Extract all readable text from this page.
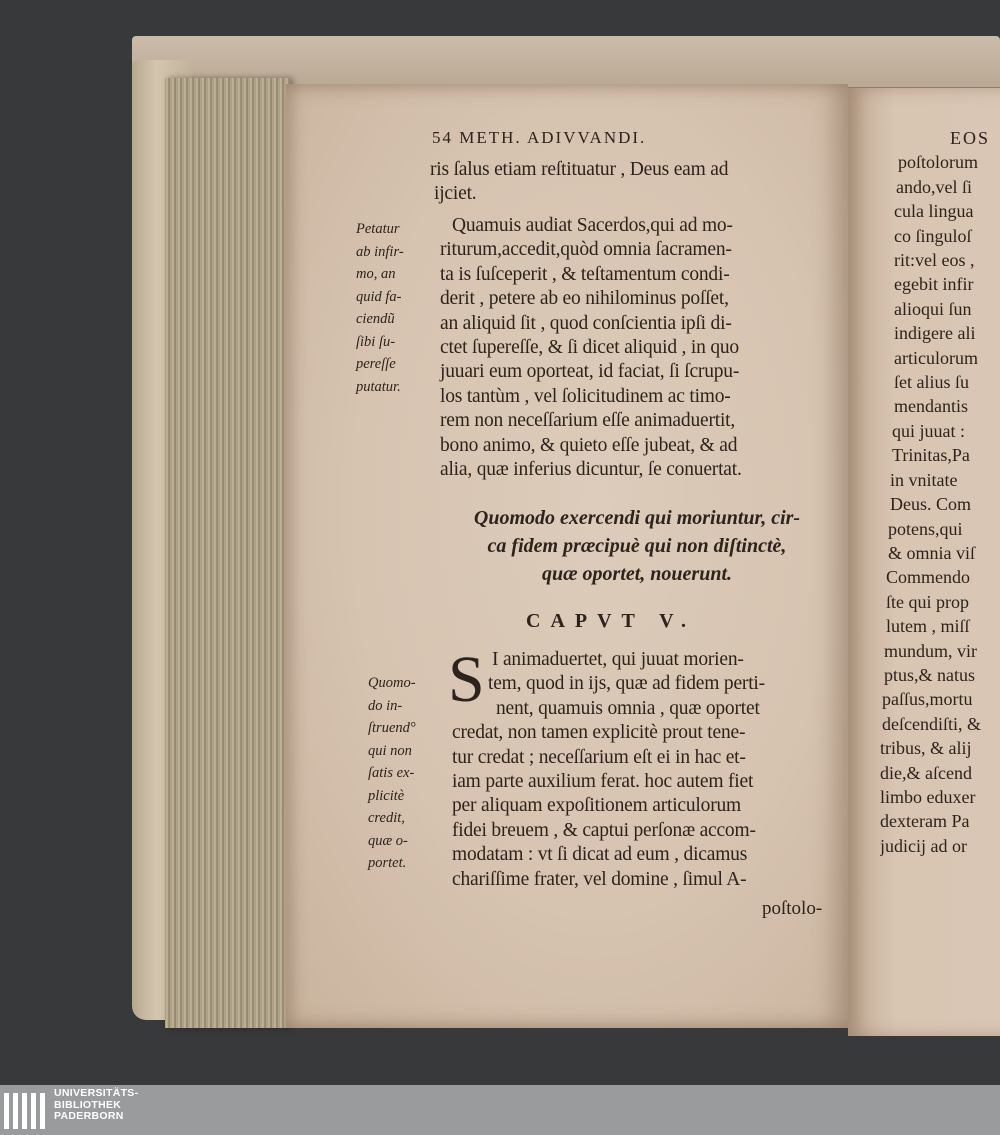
54 METH. ADIVVANDI.
ris ſalus etiam reſtituatur , Deus eam ad
ijciet.
Quamuis audiat Sacerdos,qui ad mo-
riturum,accedit,quòd omnia ſacramen-
ta is ſuſceperit , & teſtamentum condi-
derit , petere ab eo nihilominus poſſet,
an aliquid ſit , quod conſcientia ipſi di-
ctet ſupereſſe, & ſi dicet aliquid , in quo
juuari eum oporteat, id faciat, ſi ſcrupu-
los tantùm , vel ſolicitudinem ac timo-
rem non neceſſarium eſſe animaduertit,
bono animo, & quieto eſſe jubeat, & ad
alia, quæ inferius dicuntur, ſe conuertat.
Quomodo exercendi qui moriuntur, cir-
ca fidem præcipuè qui non diſtinctè,
quæ oportet, nouerunt.
CAPVT V.
S I animaduertet, qui juuat morien-
tem, quod in ijs, quæ ad fidem perti-
nent, quamuis omnia , quæ oportet
credat, non tamen explicitè prout tene-
tur credat ; neceſſarium eſt ei in hac et-
iam parte auxilium ferat. hoc autem fiet
per aliquam expoſitionem articulorum
fidei breuem , & captui perſonæ accom-
modatam : vt ſi dicat ad eum , dicamus
chariſſime frater, vel domine , ſimul A-
poſtolo-
Petatur
ab infir-
mo, an
quid fa-
ciendũ
ſibi ſu-
pereſſe
putatur.
Quomo-
do in-
ſtruend°
qui non
ſatis ex-
plicitè
credit,
quæ o-
portet.
EOS
poſtolorum
ando,vel ſi
cula lingua
co ſinguloſ
rit:vel eos ,
egebit infir
alioqui ſun
indigere ali
articulorum
ſet alius ſu
mendantis
qui juuat :
Trinitas,Pa
in vnitate
Deus. Com
potens,qui
& omnia viſ
Commendo
ſte qui prop
lutem , miſſ
mundum, vir
ptus,& natus
paſſus,mortu
deſcendiſti, &
tribus, & alij
die,& aſcend
limbo eduxer
dexteram Pa
judicij ad or
UNIVERSITÄTS-
BIBLIOTHEK
PADERBORN
